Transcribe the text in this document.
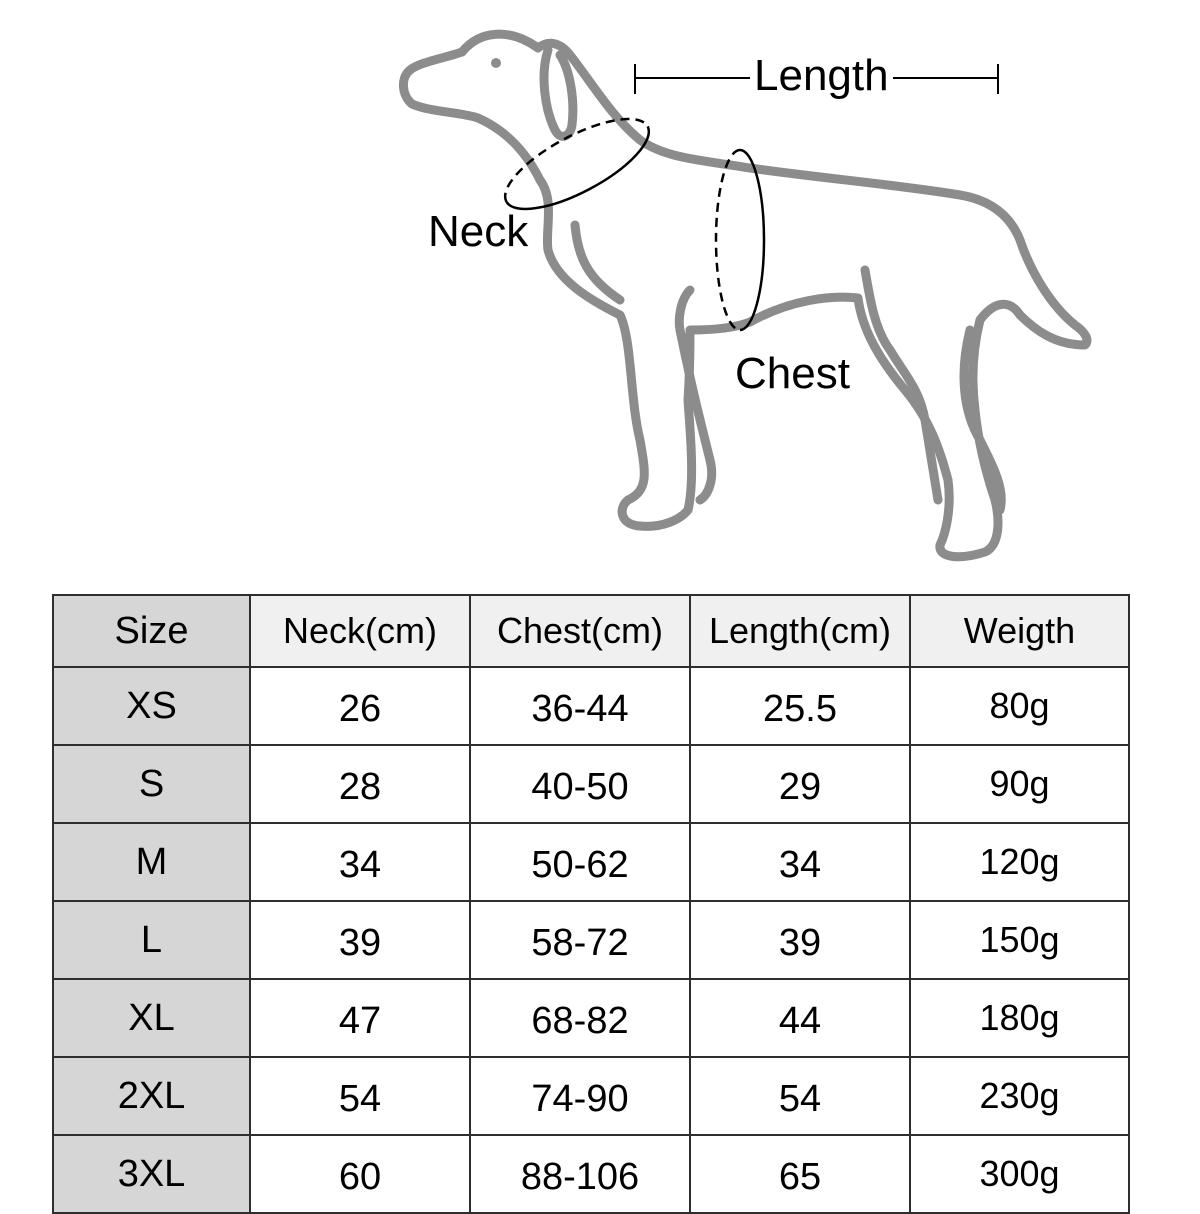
Length
Neck
Chest
Size	Neck(cm)	Chest(cm)	Length(cm)	Weigth
XS	26	36-44	25.5	80g
S	28	40-50	29	90g
M	34	50-62	34	120g
L	39	58-72	39	150g
XL	47	68-82	44	180g
2XL	54	74-90	54	230g
3XL	60	88-106	65	300g
